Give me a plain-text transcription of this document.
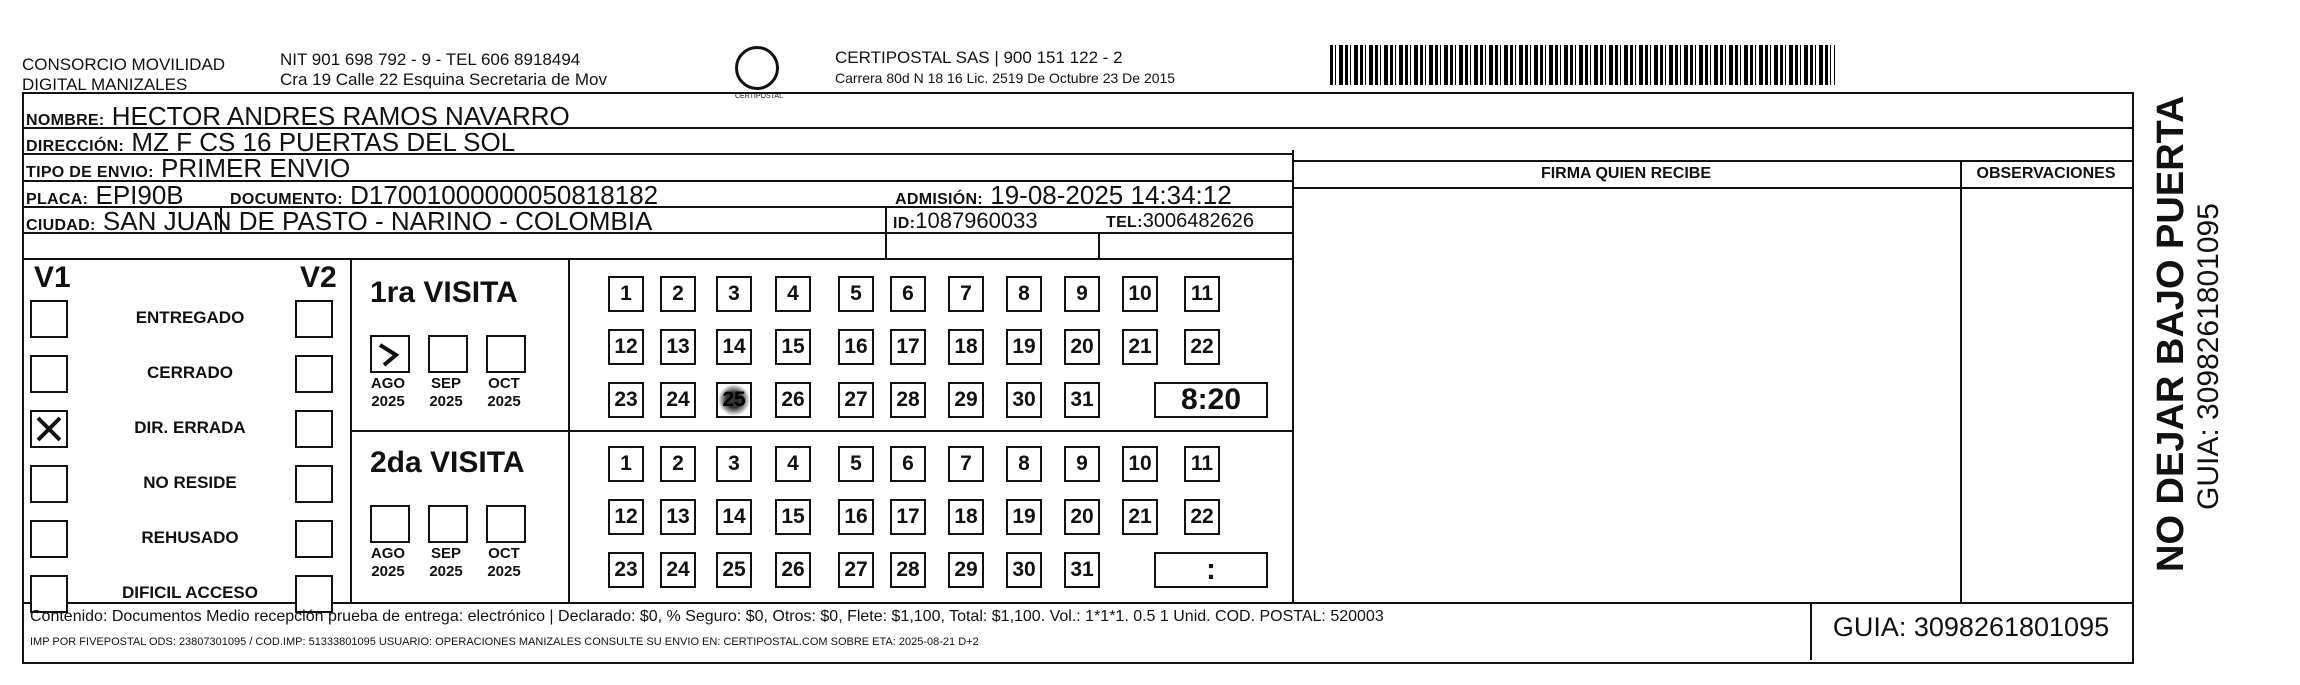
CONSORCIO MOVILIDAD
DIGITAL MANIZALES
NIT 901 698 792 - 9 - TEL 606 8918494
Cra 19 Calle 22 Esquina Secretaria de Mov
CERTIPOSTAL
CERTIPOSTAL SAS | 900 151 122 - 2
Carrera 80d N 18 16 Lic. 2519 De Octubre 23 De 2015
NOMBRE: HECTOR ANDRES RAMOS NAVARRO
DIRECCIÓN: MZ F CS 16 PUERTAS DEL SOL
TIPO DE ENVIO: PRIMER ENVIO
PLACA: EPI90B	DOCUMENTO: D17001000000050818182	ADMISIÓN: 19-08-2025 14:34:12
CIUDAD: SAN JUAN DE PASTO - NARINO - COLOMBIA	ID:1087960033	TEL:3006482626
FIRMA QUIEN RECIBE	OBSERVACIONES
V1	V2
ENTREGADO
CERRADO
DIR. ERRADA
NO RESIDE
REHUSADO
DIFICIL ACCESO
1ra VISITA
2da VISITA
AGO
2025
SEP
2025
OCT
2025
AGO
2025
SEP
2025
OCT
2025
1	2	3	4	5	6	7	8	9	10	11
12	13	14	15	16	17	18	19	20	21	22
23	24	25	26	27	28	29	30	31	8:20
1	2	3	4	5	6	7	8	9	10	11
12	13	14	15	16	17	18	19	20	21	22
23	24	25	26	27	28	29	30	31	:
Contenido: Documentos Medio recepción prueba de entrega: electrónico | Declarado: $0, % Seguro: $0, Otros: $0, Flete: $1,100, Total: $1,100. Vol.: 1*1*1. 0.5 1 Unid. COD. POSTAL: 520003
IMP POR FIVEPOSTAL ODS: 23807301095 / COD.IMP: 51333801095 USUARIO: OPERACIONES MANIZALES CONSULTE SU ENVIO EN: CERTIPOSTAL.COM SOBRE ETA: 2025-08-21 D+2	GUIA: 3098261801095
NO DEJAR BAJO PUERTA GUIA: 3098261801095
